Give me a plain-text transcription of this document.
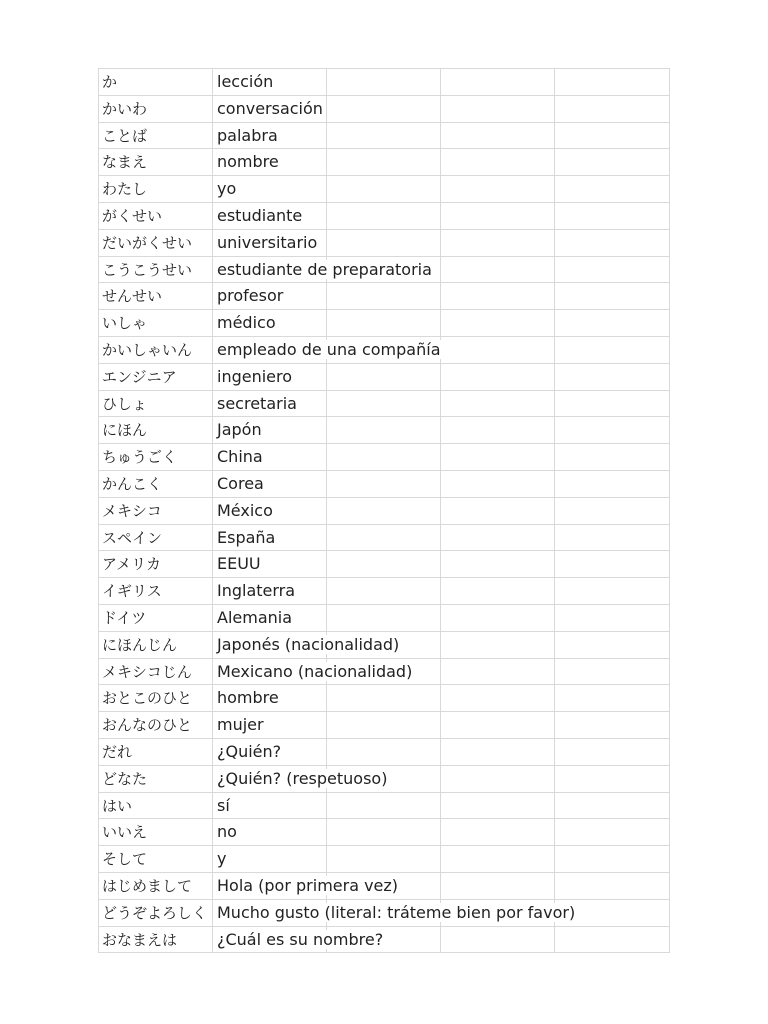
か	lección
かいわ	conversación
ことば	palabra
なまえ	nombre
わたし	yo
がくせい	estudiante
だいがくせい	universitario
こうこうせい	estudiante de preparatoria
せんせい	profesor
いしゃ	médico
かいしゃいん	empleado de una compañía
エンジニア	ingeniero
ひしょ	secretaria
にほん	Japón
ちゅうごく	China
かんこく	Corea
メキシコ	México
スペイン	España
アメリカ	EEUU
イギリス	Inglaterra
ドイツ	Alemania
にほんじん	Japonés (nacionalidad)
メキシコじん	Mexicano (nacionalidad)
おとこのひと	hombre
おんなのひと	mujer
だれ	¿Quién?
どなた	¿Quién? (respetuoso)
はい	sí
いいえ	no
そして	y
はじめまして	Hola (por primera vez)
どうぞよろしく Mucho gusto (literal: tráteme bien por favor)
おなまえは	¿Cuál es su nombre?
